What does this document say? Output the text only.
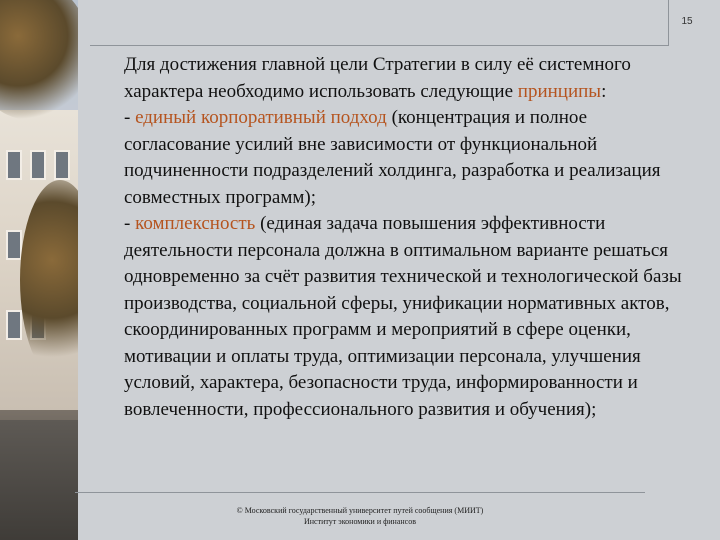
15

Для достижения главной цели Стратегии в силу её системного характера необходимо использовать следующие принципы:

- единый корпоративный подход (концентрация и полное согласование усилий вне зависимости от функциональной подчиненности подразделений холдинга, разработка и реализация совместных программ);

- комплексность (единая задача повышения эффективности деятельности персонала должна в оптимальном варианте решаться одновременно за счёт развития технической и технологической базы производства, социальной сферы, унификации нормативных актов, скоординированных программ и мероприятий в сфере оценки, мотивации и оплаты труда, оптимизации персонала, улучшения условий, характера, безопасности труда, информированности и вовлеченности, профессионального развития и обучения);

© Московский государственный университет путей сообщения (МИИТ)
Институт экономики и финансов
